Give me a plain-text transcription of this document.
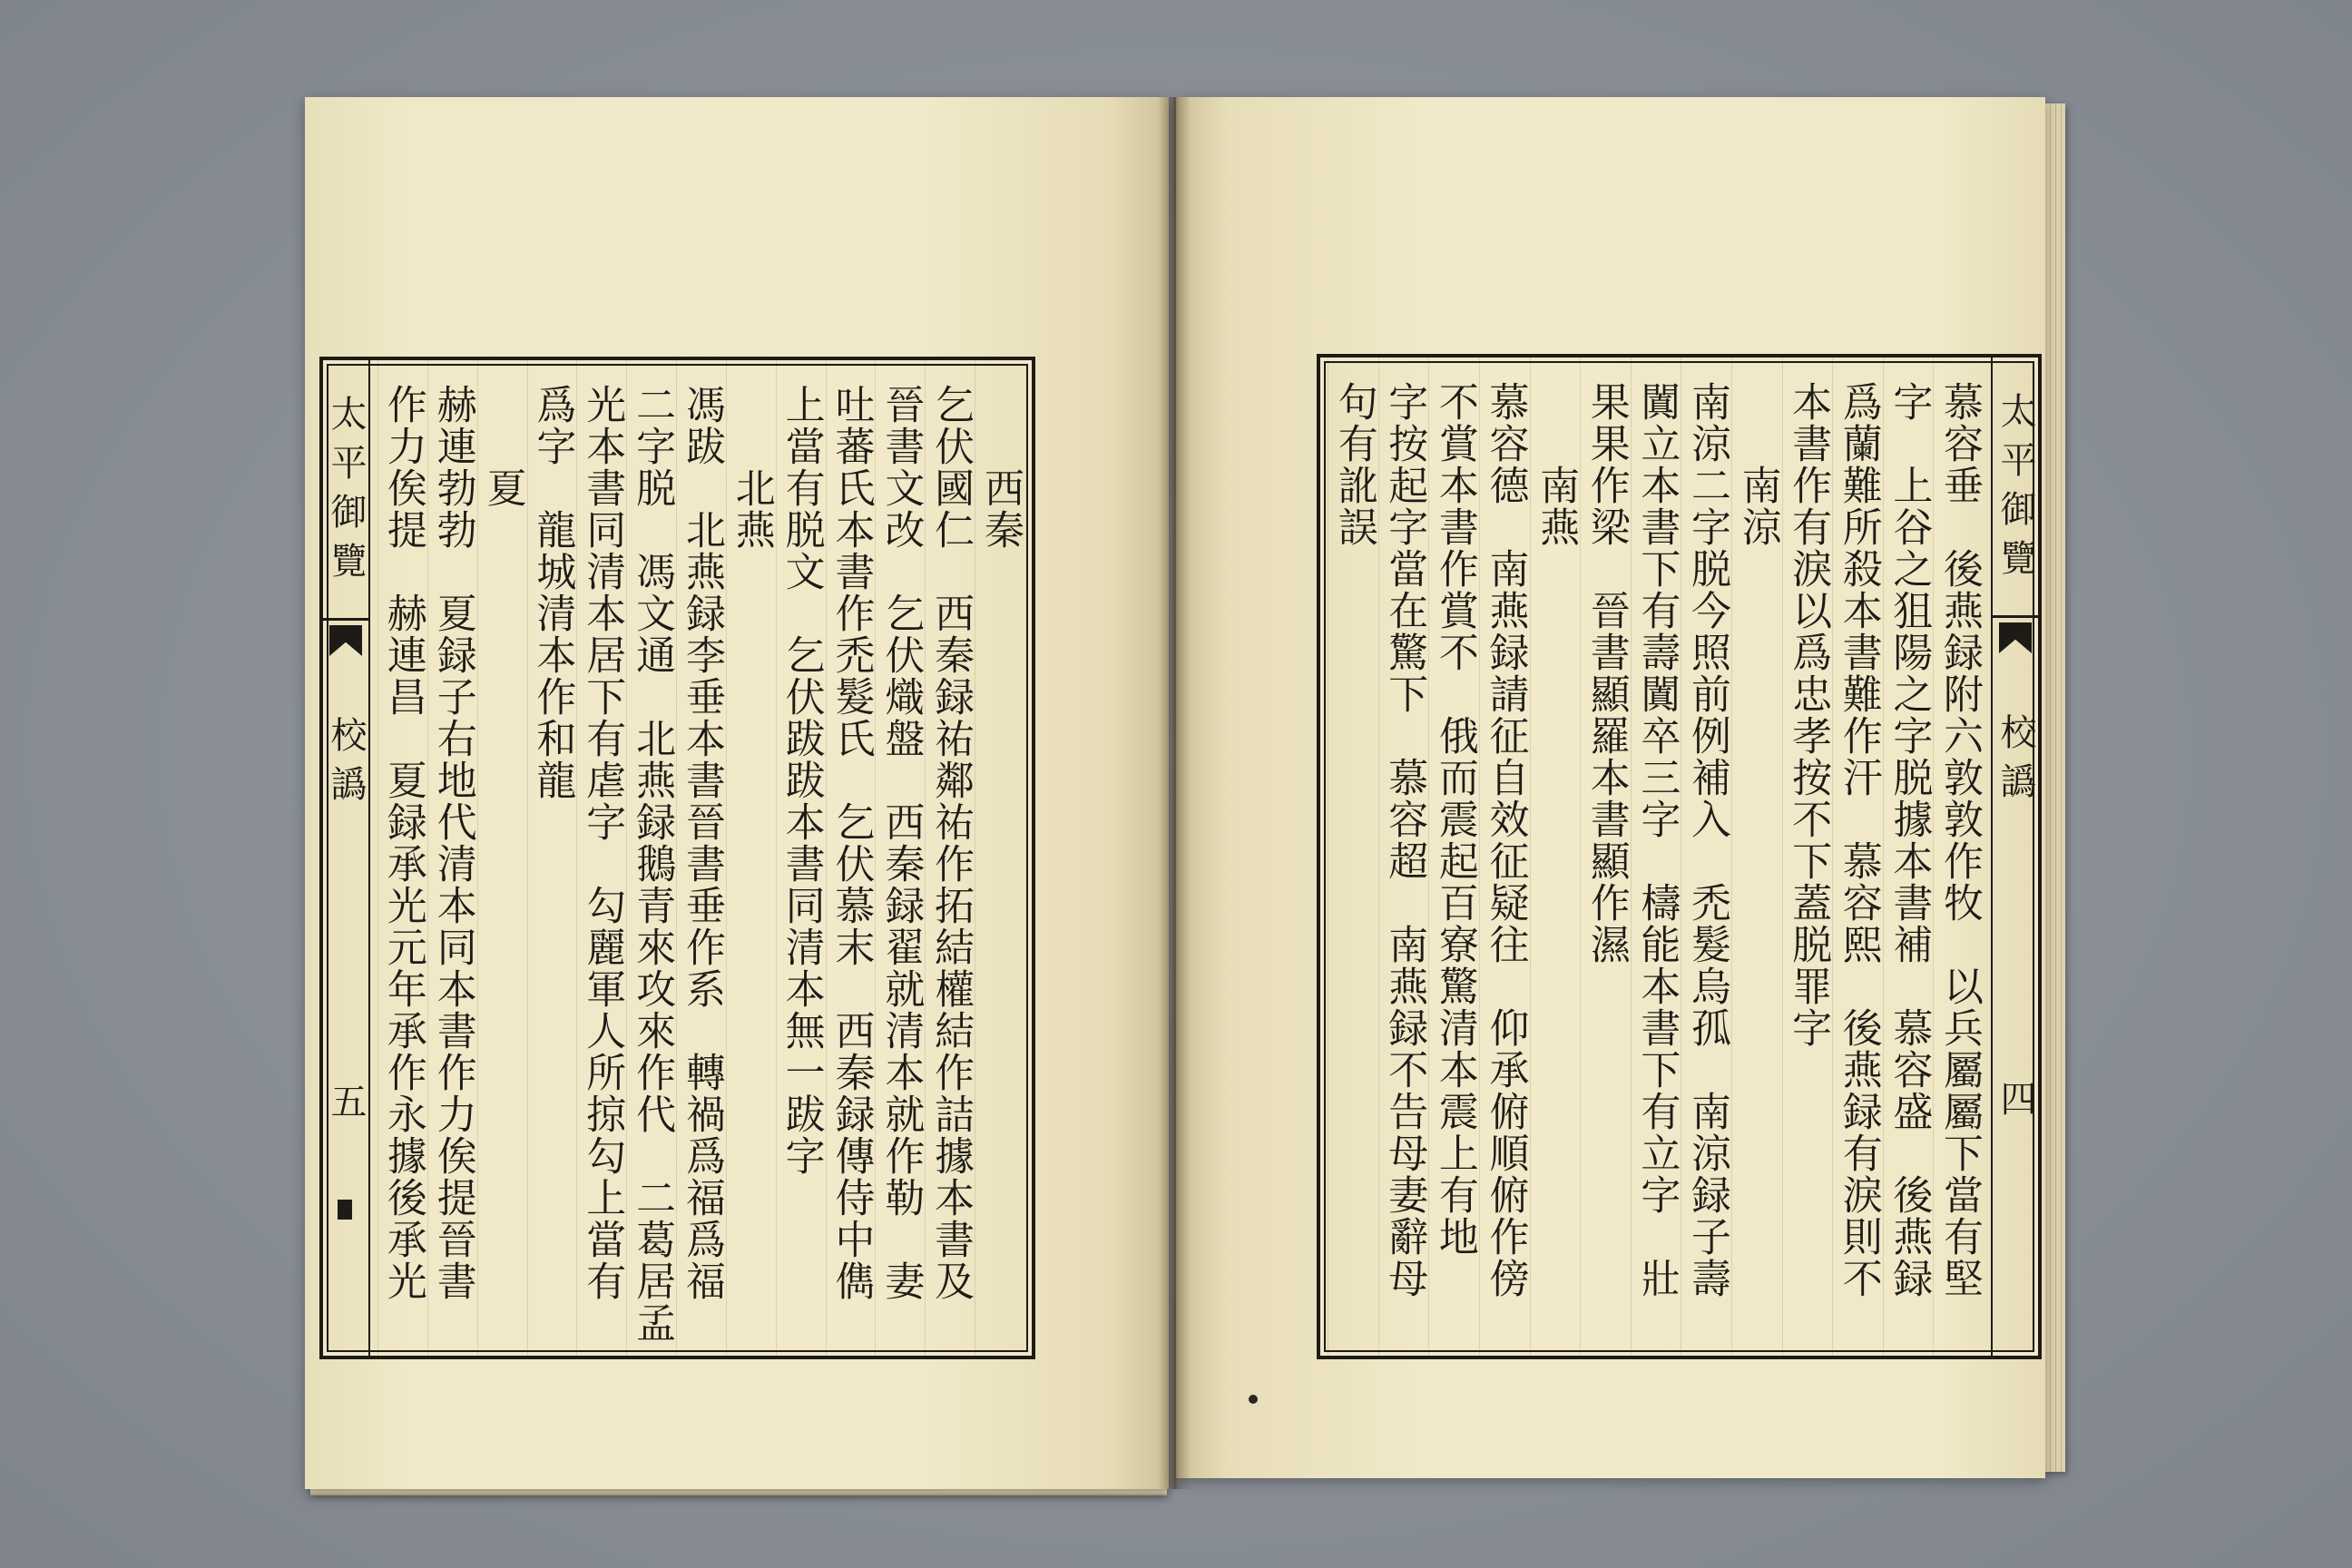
太平御覽
校譌
五
西秦
乞伏國仁　西秦録祐鄰祐作拓結權結作詰據本書及
晉書文改　乞伏熾盤　西秦録翟就清本就作勒　妻
吐蕃氏本書作禿髮氏　乞伏慕末　西秦録傳侍中儁
上當有脱文　乞伏跋跋本書同清本無一跋字
北燕
馮跋　北燕録李垂本書晉書垂作系　轉禍爲福爲福
二字脱　馮文通　北燕録鵝青來攻來作代　二葛居孟
光本書同清本居下有虐字　勾麗軍人所掠勾上當有
爲字　龍城清本作和龍
夏
赫連勃勃　夏録子右地代清本同本書作力俟提晉書
作力俟提　赫連昌　夏録承光元年承作永據後承光	慕容垂　後燕録附六敦敦作牧　以兵屬屬下當有堅
字　上谷之狙陽之字脱據本書補　慕容盛　後燕録
爲蘭難所殺本書難作汗　慕容熙　後燕録有淚則不
本書作有淚以爲忠孝按不下蓋脱罪字
南涼
南涼二字脱今照前例補入　禿髮烏孤　南涼録子壽
闐立本書下有壽闐卒三字　檮能本書下有立字　壯
果果作梁　晉書顯羅本書顯作濕
南燕
慕容德　南燕録請征自效征疑往　仰承俯順俯作傍
不賞本書作賞不　俄而震起百寮驚清本震上有地
字按起字當在驚下　慕容超　南燕録不告母妻辭母
句有訛誤	太平御覽
校譌
四
